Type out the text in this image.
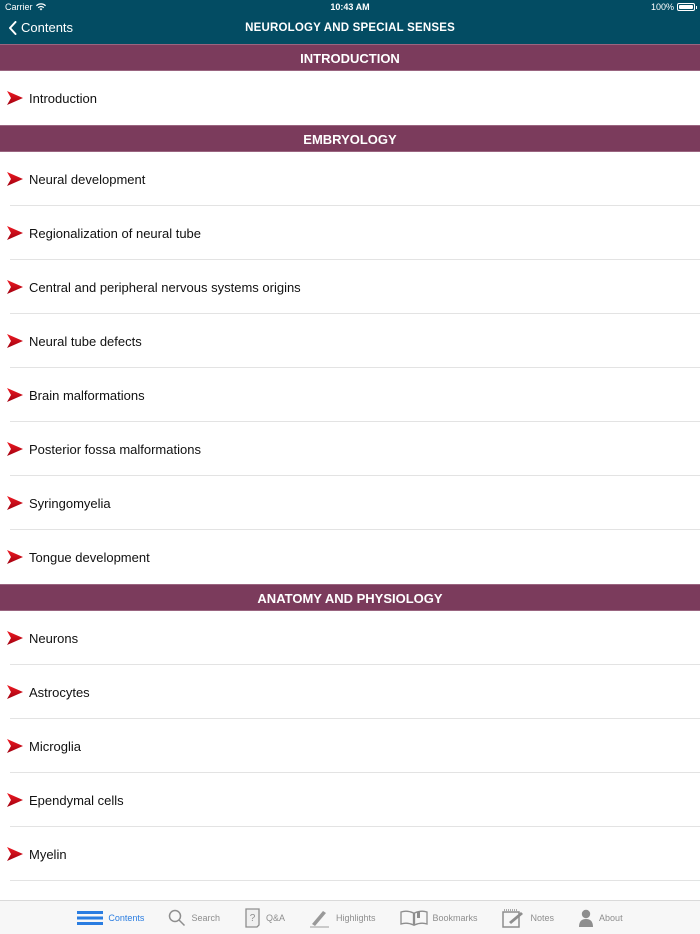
Carrier	10:43 AM	100%
Contents	NEUROLOGY AND SPECIAL SENSES
INTRODUCTION
Introduction
EMBRYOLOGY
Neural development
Regionalization of neural tube
Central and peripheral nervous systems origins
Neural tube defects
Brain malformations
Posterior fossa malformations
Syringomyelia
Tongue development
ANATOMY AND PHYSIOLOGY
Neurons
Astrocytes
Microglia
Ependymal cells
Myelin
Contents	Search	? Q&A	Highlights	Bookmarks	Notes	About
